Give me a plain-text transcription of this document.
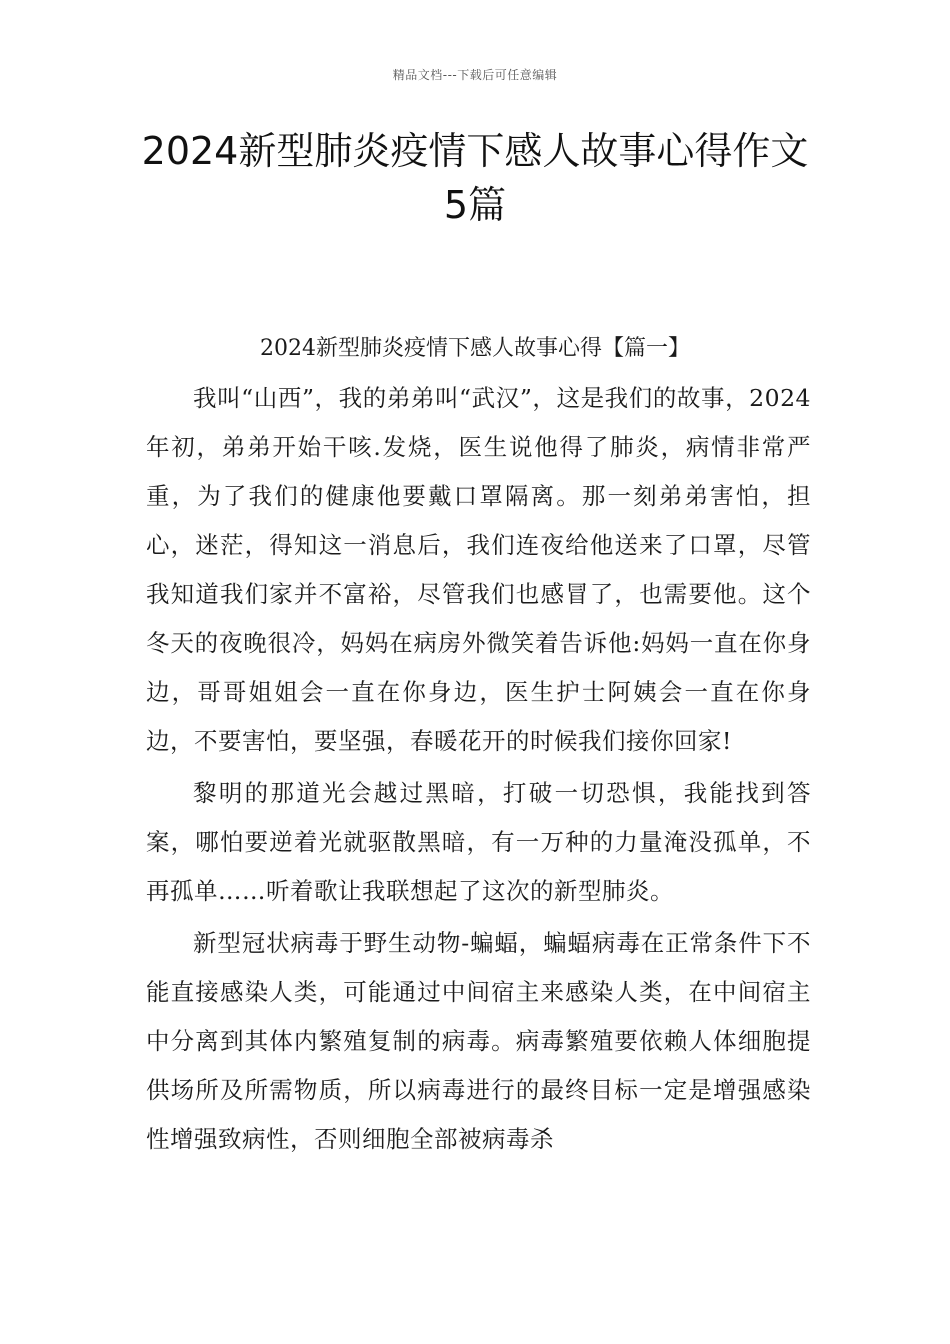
精品文档---下载后可任意编辑
2024新型肺炎疫情下感人故事心得作文
5篇
2024新型肺炎疫情下感人故事心得【篇一】

我叫“山西”，我的弟弟叫“武汉”，这是我们的故事，2024年初，弟弟开始干咳.发烧，医生说他得了肺炎，病情非常严重，为了我们的健康他要戴口罩隔离。那一刻弟弟害怕，担心，迷茫，得知这一消息后，我们连夜给他送来了口罩，尽管我知道我们家并不富裕，尽管我们也感冒了，也需要他。这个冬天的夜晚很冷，妈妈在病房外微笑着告诉他:妈妈一直在你身边，哥哥姐姐会一直在你身边，医生护士阿姨会一直在你身边，不要害怕，要坚强，春暖花开的时候我们接你回家!

黎明的那道光会越过黑暗，打破一切恐惧，我能找到答案，哪怕要逆着光就驱散黑暗，有一万种的力量淹没孤单，不再孤单……听着歌让我联想起了这次的新型肺炎。

新型冠状病毒于野生动物-蝙蝠，蝙蝠病毒在正常条件下不能直接感染人类，可能通过中间宿主来感染人类，在中间宿主中分离到其体内繁殖复制的病毒。病毒繁殖要依赖人体细胞提供场所及所需物质，所以病毒进行的最终目标一定是增强感染性增强致病性，否则细胞全部被病毒杀
